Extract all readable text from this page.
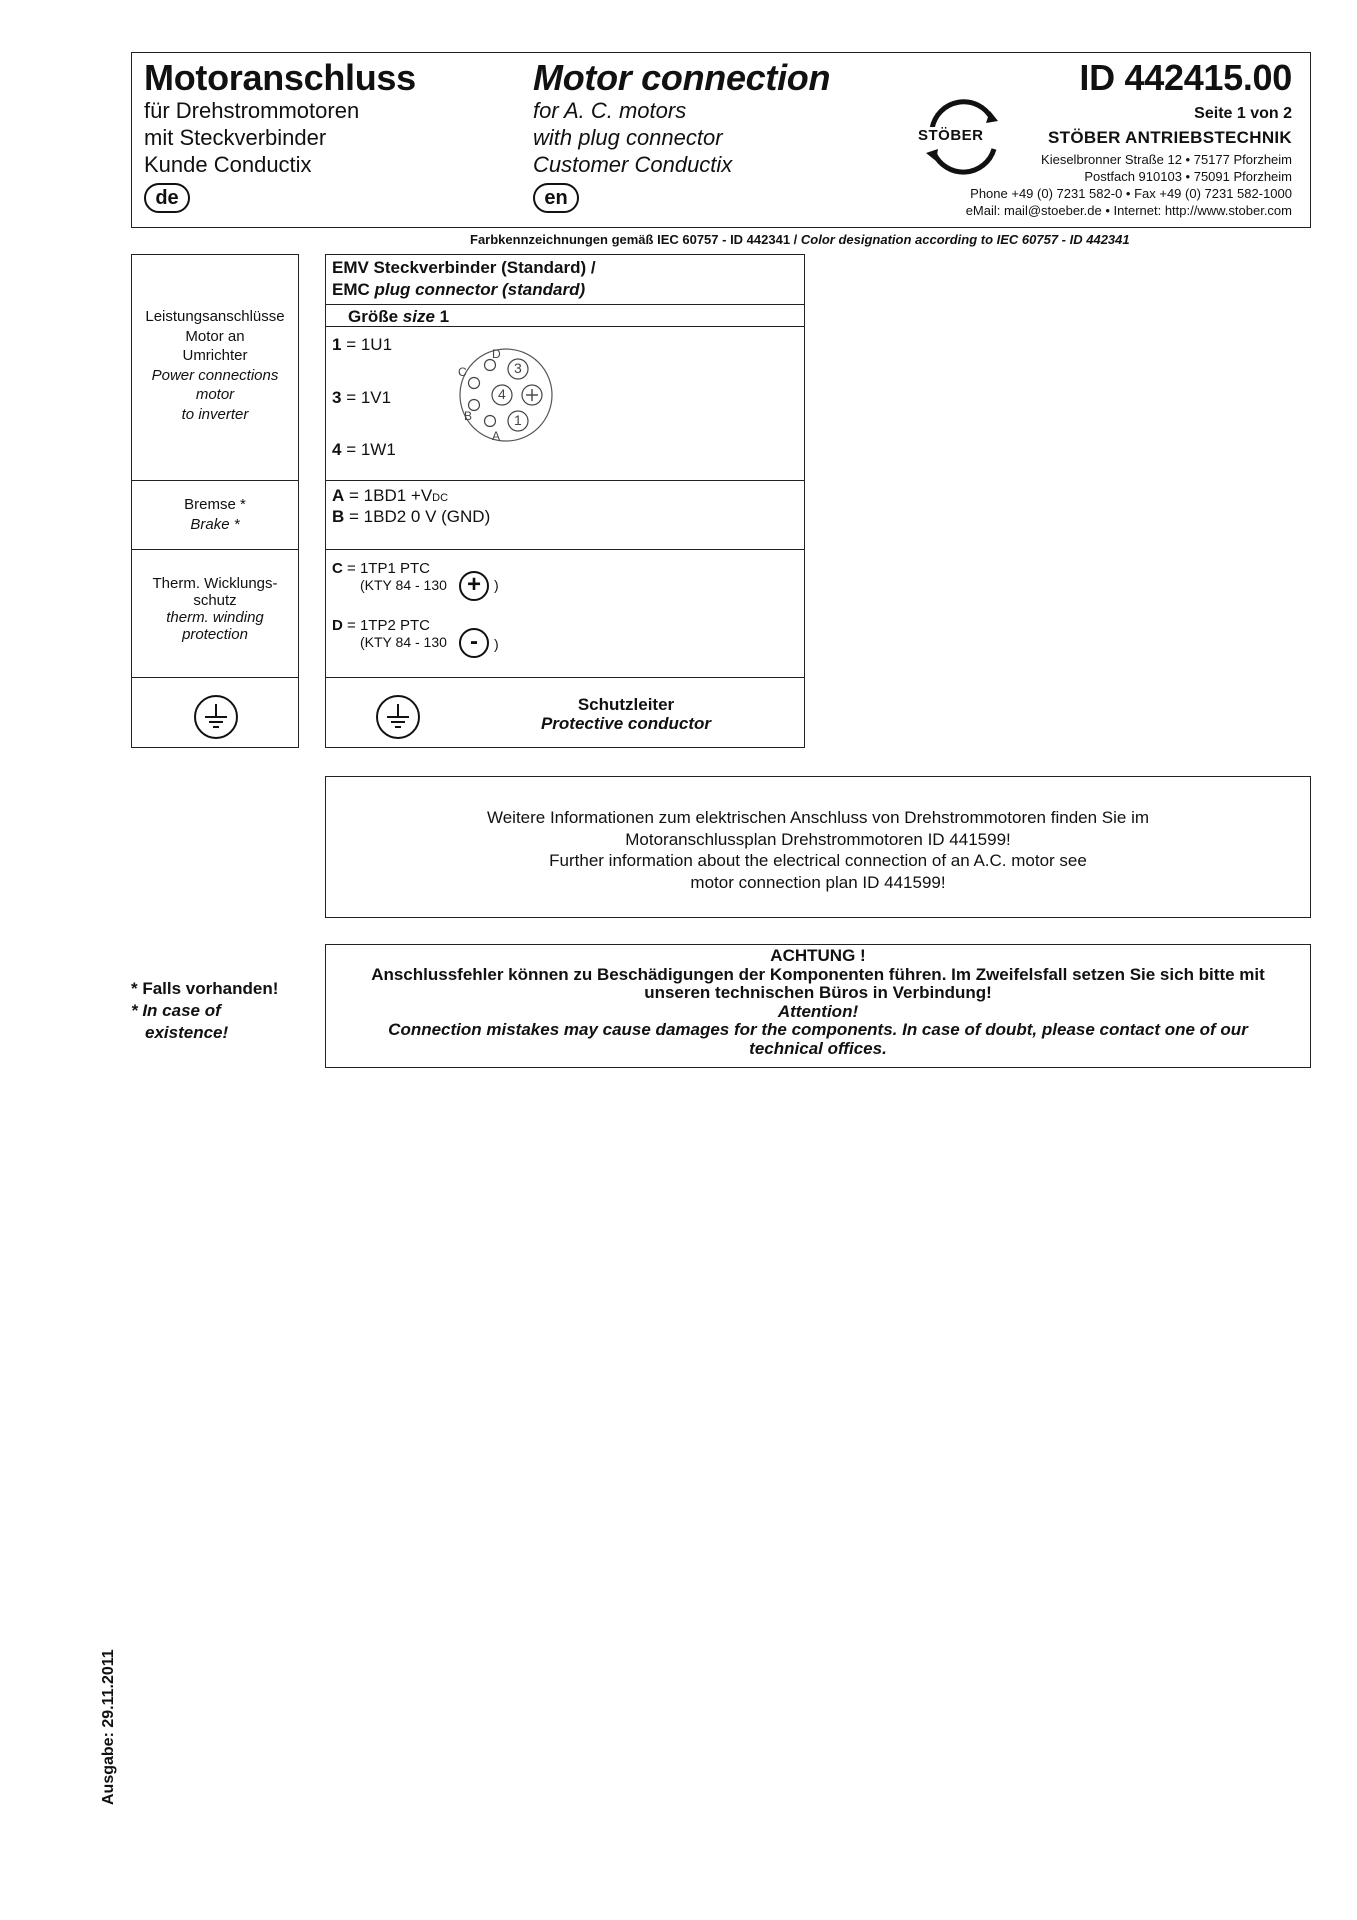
Motoranschluss
für Drehstrommotoren
mit Steckverbinder
Kunde Conductix
de
Motor connection
for A. C. motors
with plug connector
Customer Conductix
en
ID 442415.00
Seite 1 von 2
STÖBER	STÖBER ANTRIEBSTECHNIK
Kieselbronner Straße 12 • 75177 Pforzheim
Postfach 910103 • 75091 Pforzheim
Phone +49 (0) 7231 582-0 • Fax +49 (0) 7231 582-1000
eMail: mail@stoeber.de • Internet: http://www.stober.com
Farbkennzeichnungen gemäß IEC 60757 - ID 442341 / Color designation according to IEC 60757 - ID 442341
Leistungsanschlüsse
Motor an
Umrichter
Power connections
motor
to inverter
Bremse *
Brake *
Therm. Wicklungs-
schutz
therm. winding
protection
EMV Steckverbinder (Standard) /
EMC plug connector (standard)
Größe size 1
1 = 1U1
3 = 1V1
4 = 1W1
D
C
B
A
3
4
1
A = 1BD1 +VDC
B = 1BD2 0 V (GND)
C = 1TP1 PTC
(KTY 84 - 130 + )
D = 1TP2 PTC
(KTY 84 - 130 -	)
Schutzleiter
Protective conductor
Weitere Informationen zum elektrischen Anschluss von Drehstrommotoren finden Sie im
Motoranschlussplan Drehstrommotoren ID 441599!
Further information about the electrical connection of an A.C. motor see
motor connection plan ID 441599!
* Falls vorhanden!
* In case of
existence!
ACHTUNG !
Anschlussfehler können zu Beschädigungen der Komponenten führen. Im Zweifelsfall setzen Sie sich bitte mit
unseren technischen Büros in Verbindung!
Attention!
Connection mistakes may cause damages for the components. In case of doubt, please contact one of our
technical offices.
Ausgabe: 29.11.2011
